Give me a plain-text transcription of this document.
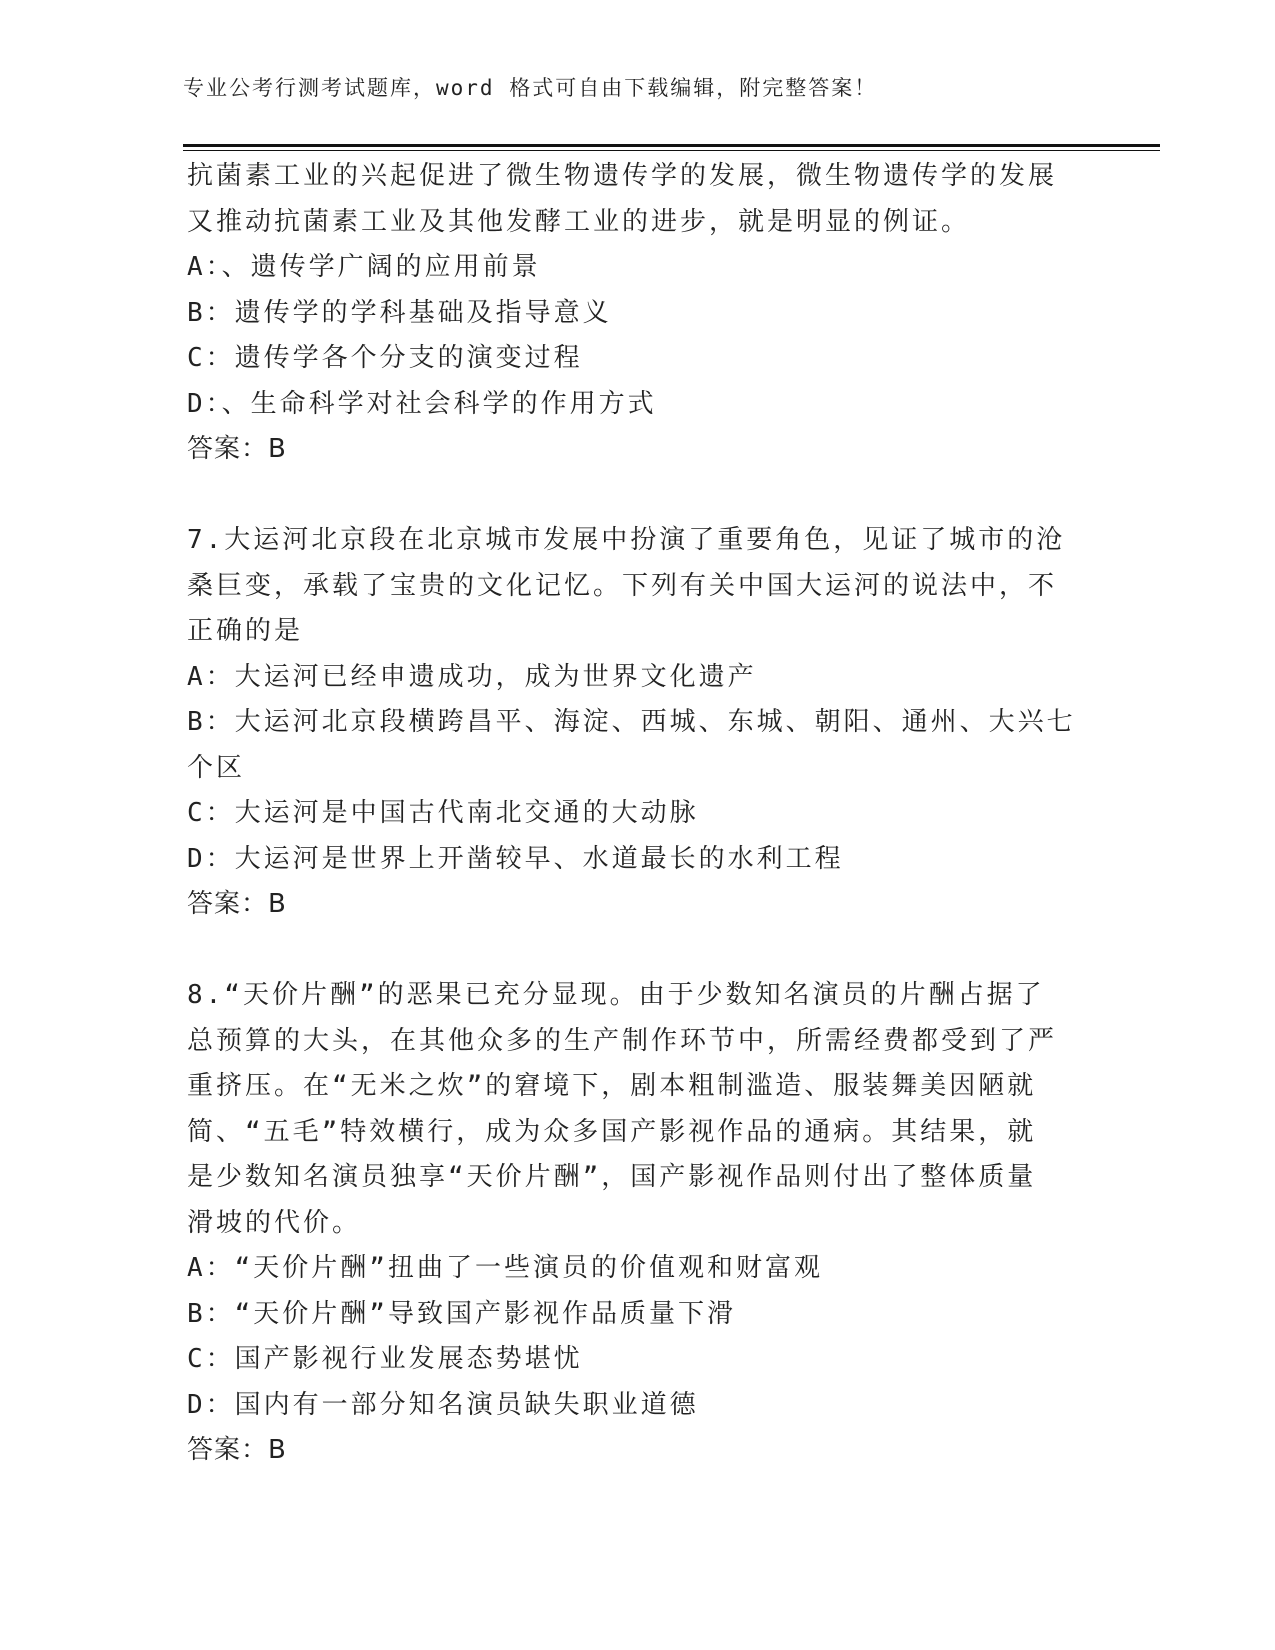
专业公考行测考试题库，word 格式可自由下载编辑，附完整答案！
抗菌素工业的兴起促进了微生物遗传学的发展，微生物遗传学的发展
又推动抗菌素工业及其他发酵工业的进步，就是明显的例证。
A：、遗传学广阔的应用前景
B：遗传学的学科基础及指导意义
C：遗传学各个分支的演变过程
D：、生命科学对社会科学的作用方式
答案：B
7.大运河北京段在北京城市发展中扮演了重要角色，见证了城市的沧
桑巨变，承载了宝贵的文化记忆。下列有关中国大运河的说法中，不
正确的是
A：大运河已经申遗成功，成为世界文化遗产
B：大运河北京段横跨昌平、海淀、西城、东城、朝阳、通州、大兴七
个区
C：大运河是中国古代南北交通的大动脉
D：大运河是世界上开凿较早、水道最长的水利工程
答案：B
8.“天价片酬”的恶果已充分显现。由于少数知名演员的片酬占据了
总预算的大头，在其他众多的生产制作环节中，所需经费都受到了严
重挤压。在“无米之炊”的窘境下，剧本粗制滥造、服装舞美因陋就
简、“五毛”特效横行，成为众多国产影视作品的通病。其结果，就
是少数知名演员独享“天价片酬”，国产影视作品则付出了整体质量
滑坡的代价。
A：“天价片酬”扭曲了一些演员的价值观和财富观
B：“天价片酬”导致国产影视作品质量下滑
C：国产影视行业发展态势堪忧
D：国内有一部分知名演员缺失职业道德
答案：B
